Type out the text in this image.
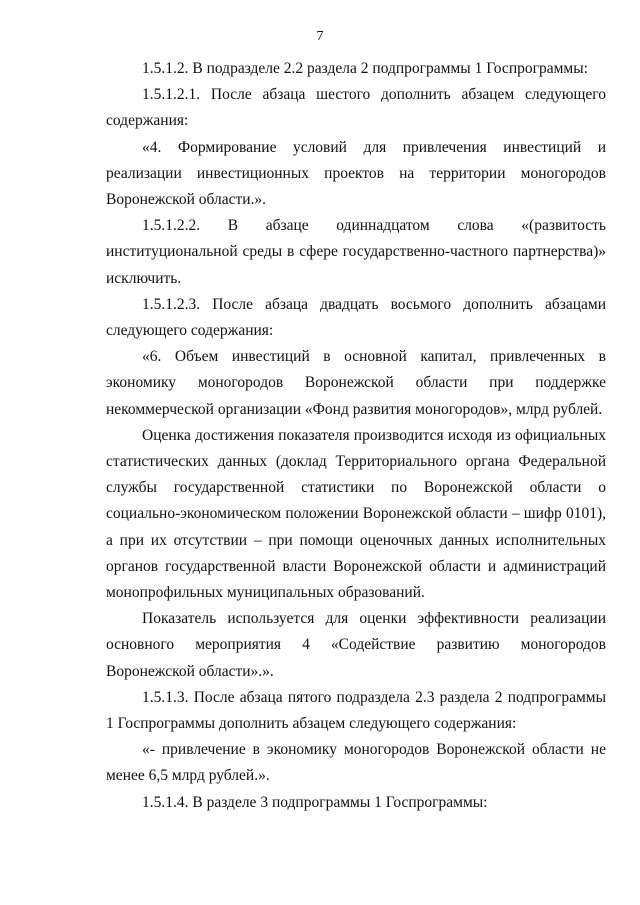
7

1.5.1.2. В подразделе 2.2 раздела 2 подпрограммы 1 Госпрограммы:

1.5.1.2.1. После абзаца шестого дополнить абзацем следующего содержания:

«4. Формирование условий для привлечения инвестиций и реализации инвестиционных проектов на территории моногородов Воронежской области.».

1.5.1.2.2. В абзаце одиннадцатом слова «(развитость институциональной среды в сфере государственно-частного партнерства)» исключить.

1.5.1.2.3. После абзаца двадцать восьмого дополнить абзацами следующего содержания:

«6. Объем инвестиций в основной капитал, привлеченных в экономику моногородов Воронежской области при поддержке некоммерческой организации «Фонд развития моногородов», млрд рублей.

Оценка достижения показателя производится исходя из официальных статистических данных (доклад Территориального органа Федеральной службы государственной статистики по Воронежской области о социально-экономическом положении Воронежской области – шифр 0101), а при их отсутствии – при помощи оценочных данных исполнительных органов государственной власти Воронежской области и администраций монопрофильных муниципальных образований.

Показатель используется для оценки эффективности реализации основного мероприятия 4 «Содействие развитию моногородов Воронежской области».».

1.5.1.3. После абзаца пятого подраздела 2.3 раздела 2 подпрограммы 1 Госпрограммы дополнить абзацем следующего содержания:

«- привлечение в экономику моногородов Воронежской области не менее 6,5 млрд рублей.».

1.5.1.4. В разделе 3 подпрограммы 1 Госпрограммы:
